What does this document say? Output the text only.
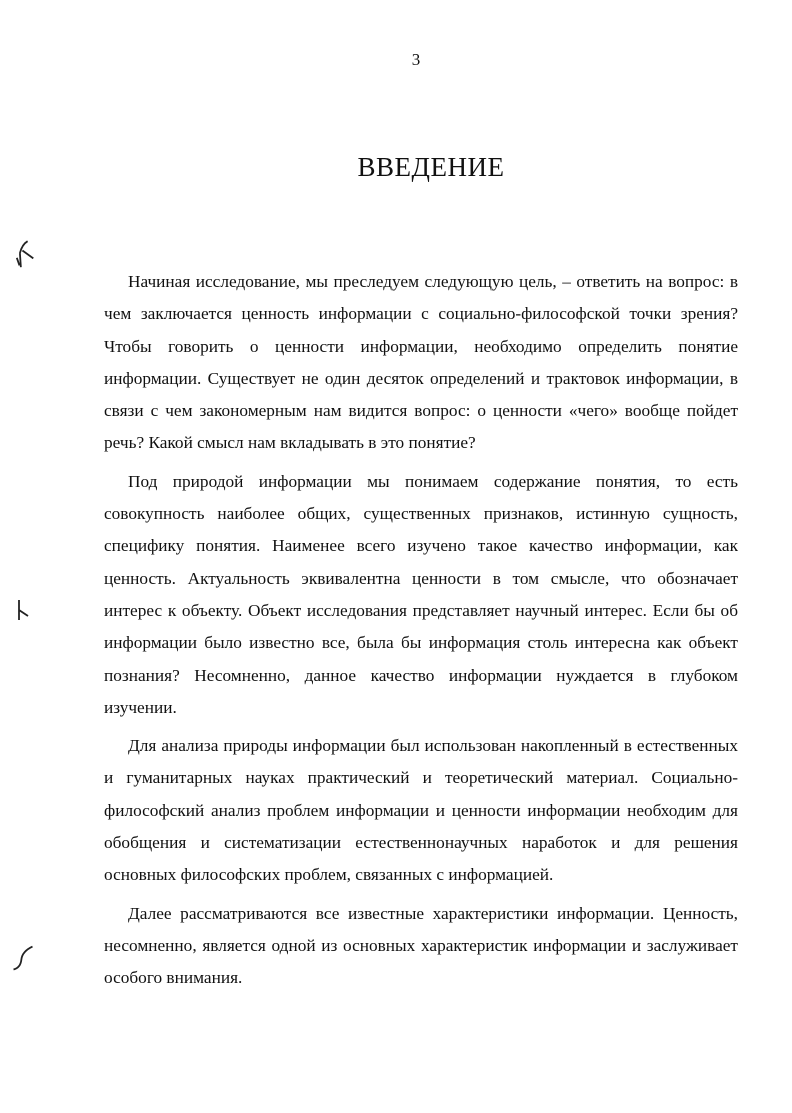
3
ВВЕДЕНИЕ

Начиная исследование, мы преследуем следующую цель, – ответить на вопрос: в чем заключается ценность информации с социально-философской точки зрения? Чтобы говорить о ценности информации, необходимо определить понятие информации. Существует не один десяток определений и трактовок информации, в связи с чем закономерным нам видится вопрос: о ценности «чего» вообще пойдет речь? Какой смысл нам вкладывать в это понятие?

Под природой информации мы понимаем содержание понятия, то есть совокупность наиболее общих, существенных признаков, истинную сущность, специфику понятия. Наименее всего изучено такое качество информации, как ценность. Актуальность эквивалентна ценности в том смысле, что обозначает интерес к объекту. Объект исследования представляет научный интерес. Если бы об информации было известно все, была бы информация столь интересна как объект познания? Несомненно, данное качество информации нуждается в глубоком изучении.

Для анализа природы информации был использован накопленный в естественных и гуманитарных науках практический и теоретический материал. Социально-философский анализ проблем информации и ценности информации необходим для обобщения и систематизации естественнонаучных наработок и для решения основных философских проблем, связанных с информацией.

Далее рассматриваются все известные характеристики информации. Ценность, несомненно, является одной из основных характеристик информации и заслуживает особого внимания.
